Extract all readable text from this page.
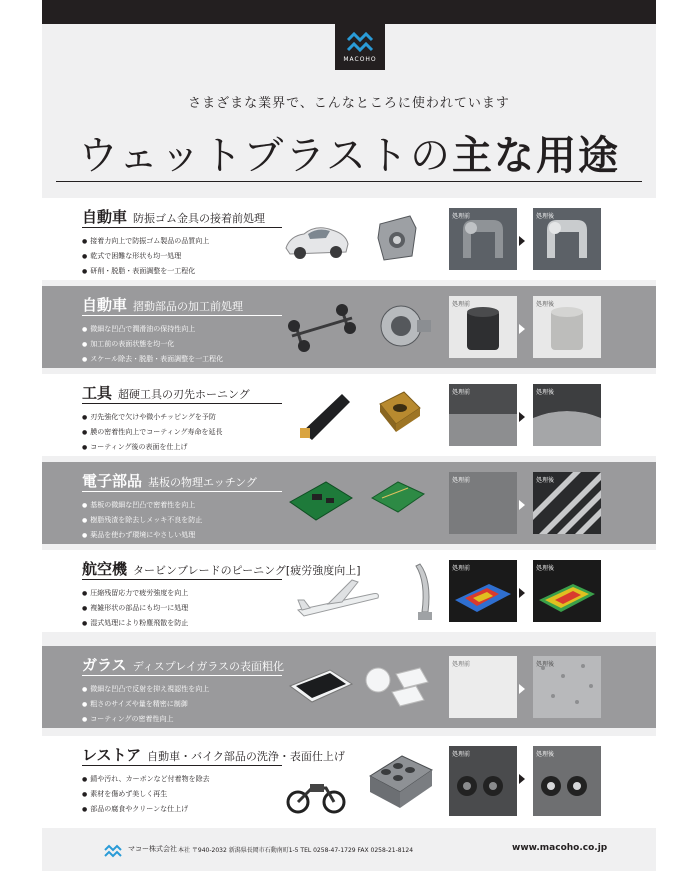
MACOHO
さまざまな業界で、こんなところに使われています
ウェットブラストの主な用途
自動車 防振ゴム金具の接着前処理
● 接着力向上で防振ゴム製品の品質向上
● 乾式で困難な形状も均一処理
● 研削・脱脂・表面調整を一工程化
処理前	処理後
自動車 摺動部品の加工前処理
● 微細な凹凸で潤滑油の保持性向上
● 加工前の表面状態を均一化
● スケール除去・脱脂・表面調整を一工程化
処理前	処理後
工具 超硬工具の刃先ホーニング
● 刃先強化で欠けや微小チッピングを予防
● 膜の密着性向上でコーティング寿命を延長
● コーティング後の表面を仕上げ
処理前	処理後
電子部品 基板の物理エッチング
● 基板の微細な凹凸で密着性を向上
● 樹脂残渣を除去しメッキ不良を防止
● 薬品を使わず環境にやさしい処理
処理前	処理後
航空機 タービンブレードのピーニング[疲労強度向上]
● 圧縮残留応力で疲労強度を向上
● 複雑形状の部品にも均一に処理
● 湿式処理により粉塵飛散を防止
処理前	処理後
ガラス ディスプレイガラスの表面粗化
● 微細な凹凸で反射を抑え視認性を向上
● 粗さのサイズや量を精密に制御
● コーティングの密着性向上
処理前	処理後
レストア 自動車・バイク部品の洗浄・表面仕上げ
● 錆や汚れ、カーボンなど付着物を除去
● 素材を傷めず美しく再生
● 部品の腐食やクリーンな仕上げ
処理前	処理後
マコー株式会社 本社 〒940-2032 新潟県長岡市石動南町1-5 TEL 0258-47-1729 FAX 0258-21-8124	www.macoho.co.jp
